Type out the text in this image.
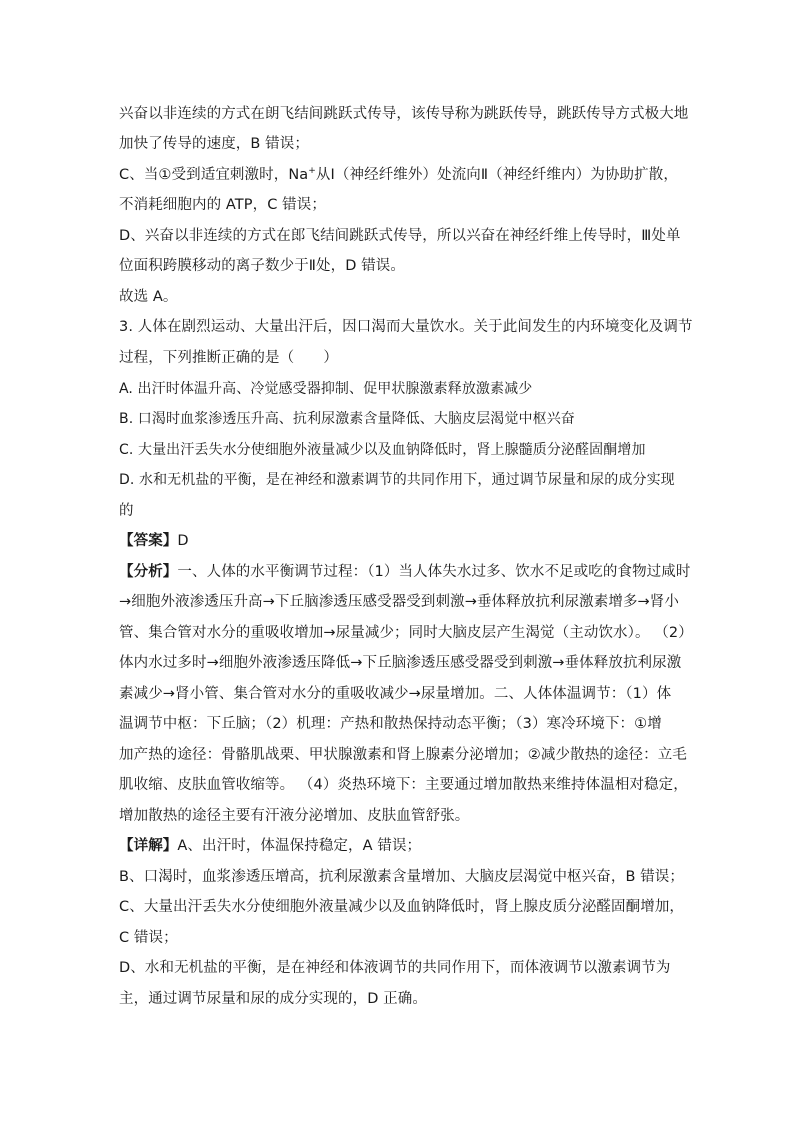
兴奋以非连续的方式在朗飞结间跳跃式传导，该传导称为跳跃传导，跳跃传导方式极大地
加快了传导的速度，B 错误；
C、当①受到适宜刺激时，Na+从Ⅰ（神经纤维外）处流向Ⅱ（神经纤维内）为协助扩散，
不消耗细胞内的 ATP，C 错误；
D、兴奋以非连续的方式在郎飞结间跳跃式传导，所以兴奋在神经纤维上传导时，Ⅲ处单
位面积跨膜移动的离子数少于Ⅱ处，D 错误。
故选 A。
3. 人体在剧烈运动、大量出汗后，因口渴而大量饮水。关于此间发生的内环境变化及调节
过程，下列推断正确的是（　　）
A. 出汗时体温升高、冷觉感受器抑制、促甲状腺激素释放激素减少
B. 口渴时血浆渗透压升高、抗利尿激素含量降低、大脑皮层渴觉中枢兴奋
C. 大量出汗丢失水分使细胞外液量减少以及血钠降低时，肾上腺髓质分泌醛固酮增加
D. 水和无机盐的平衡，是在神经和激素调节的共同作用下，通过调节尿量和尿的成分实现
的
【答案】D
【分析】一、人体的水平衡调节过程：（1）当人体失水过多、饮水不足或吃的食物过咸时
→细胞外液渗透压升高→下丘脑渗透压感受器受到刺激→垂体释放抗利尿激素增多→肾小
管、集合管对水分的重吸收增加→尿量减少；同时大脑皮层产生渴觉（主动饮水）。 （2）
体内水过多时→细胞外液渗透压降低→下丘脑渗透压感受器受到刺激→垂体释放抗利尿激
素减少→肾小管、集合管对水分的重吸收减少→尿量增加。二、人体体温调节：（1）体
温调节中枢：下丘脑；（2）机理：产热和散热保持动态平衡；（3）寒冷环境下：①增
加产热的途径：骨骼肌战栗、甲状腺激素和肾上腺素分泌增加；②减少散热的途径：立毛
肌收缩、皮肤血管收缩等。 （4）炎热环境下：主要通过增加散热来维持体温相对稳定，
增加散热的途径主要有汗液分泌增加、皮肤血管舒张。
【详解】A、出汗时，体温保持稳定，A 错误；
B、口渴时，血浆渗透压增高，抗利尿激素含量增加、大脑皮层渴觉中枢兴奋，B 错误；
C、大量出汗丢失水分使细胞外液量减少以及血钠降低时，肾上腺皮质分泌醛固酮增加，
C 错误；
D、水和无机盐的平衡，是在神经和体液调节的共同作用下，而体液调节以激素调节为
主，通过调节尿量和尿的成分实现的，D 正确。
